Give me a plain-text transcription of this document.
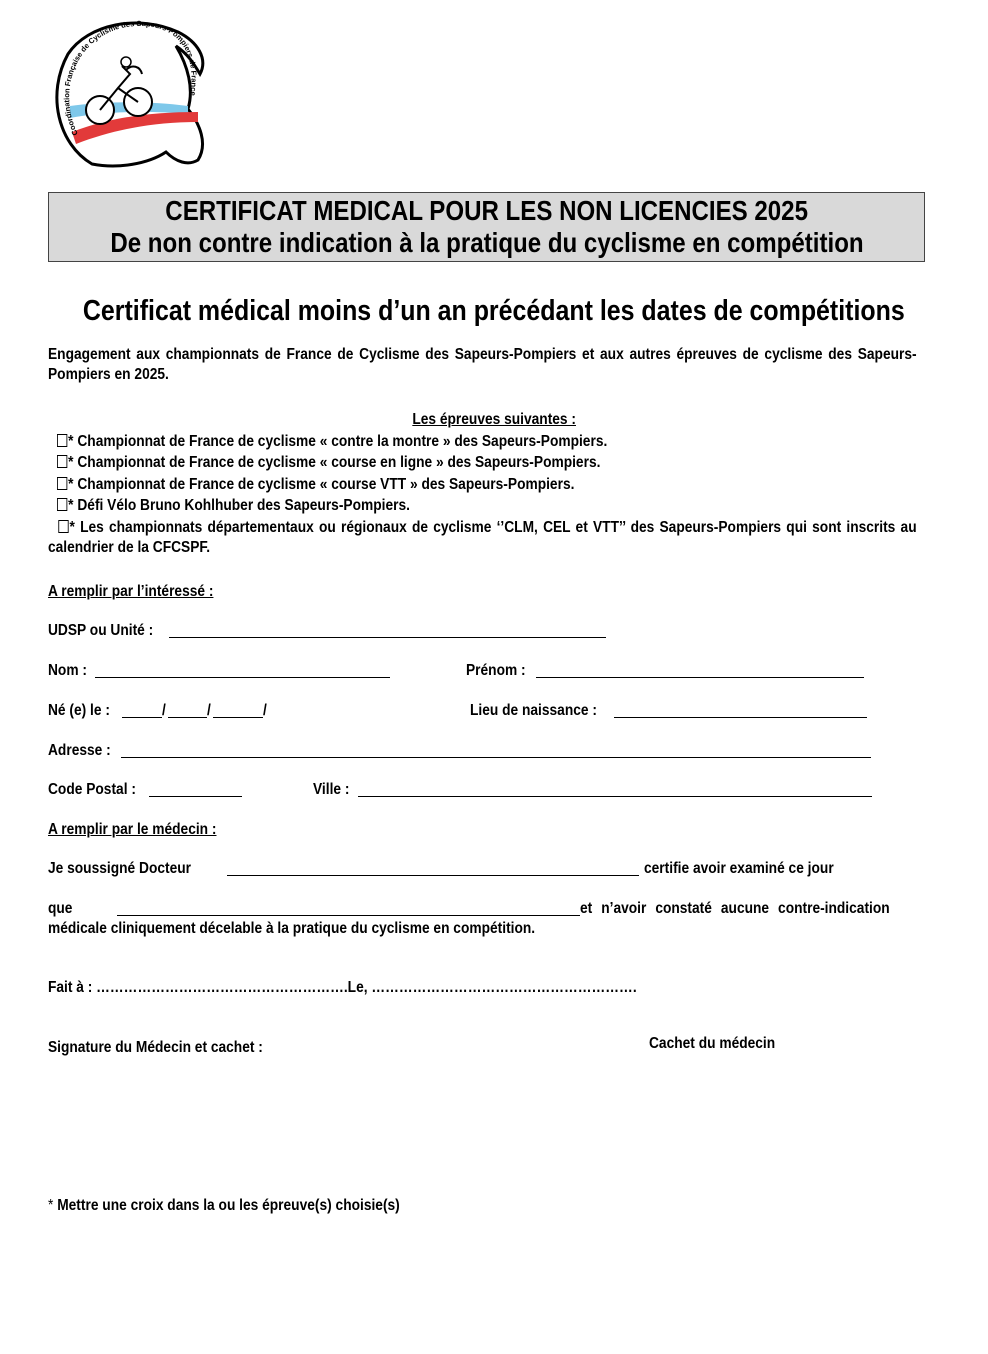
Coordination Française de Cyclisme des Sapeurs-Pompiers de France
CERTIFICAT MEDICAL POUR LES NON LICENCIES 2025
De non contre indication à la pratique du cyclisme en compétition
Certificat médical moins d’un an précédant les dates de compétitions
Engagement aux championnats de France de Cyclisme des Sapeurs-Pompiers et aux autres épreuves de cyclisme des Sapeurs-Pompiers en 2025.
Les épreuves suivantes :
* Championnat de France de cyclisme « contre la montre » des Sapeurs-Pompiers.
* Championnat de France de cyclisme « course en ligne » des Sapeurs-Pompiers.
* Championnat de France de cyclisme « course VTT » des Sapeurs-Pompiers.
* Défi Vélo Bruno Kohlhuber des Sapeurs-Pompiers.
* Les championnats départementaux ou régionaux de cyclisme ‘’CLM, CEL et VTT’’ des Sapeurs-Pompiers qui sont inscrits au calendrier de la CFCSPF.
A remplir par l’intéressé :
UDSP ou Unité :
Nom :	Prénom :
Né (e) le :	/	/	/	Lieu de naissance :
Adresse :
Code Postal :	Ville :
A remplir par le médecin :
Je soussigné Docteur	certifie avoir examiné ce jour
que	et n’avoir constaté aucune contre-indication
médicale cliniquement décelable à la pratique du cyclisme en compétition.
Fait à : ……………………………………………….Le, ………………………………………………….
Signature du Médecin et cachet :	Cachet du médecin
* Mettre une croix dans la ou les épreuve(s) choisie(s)
